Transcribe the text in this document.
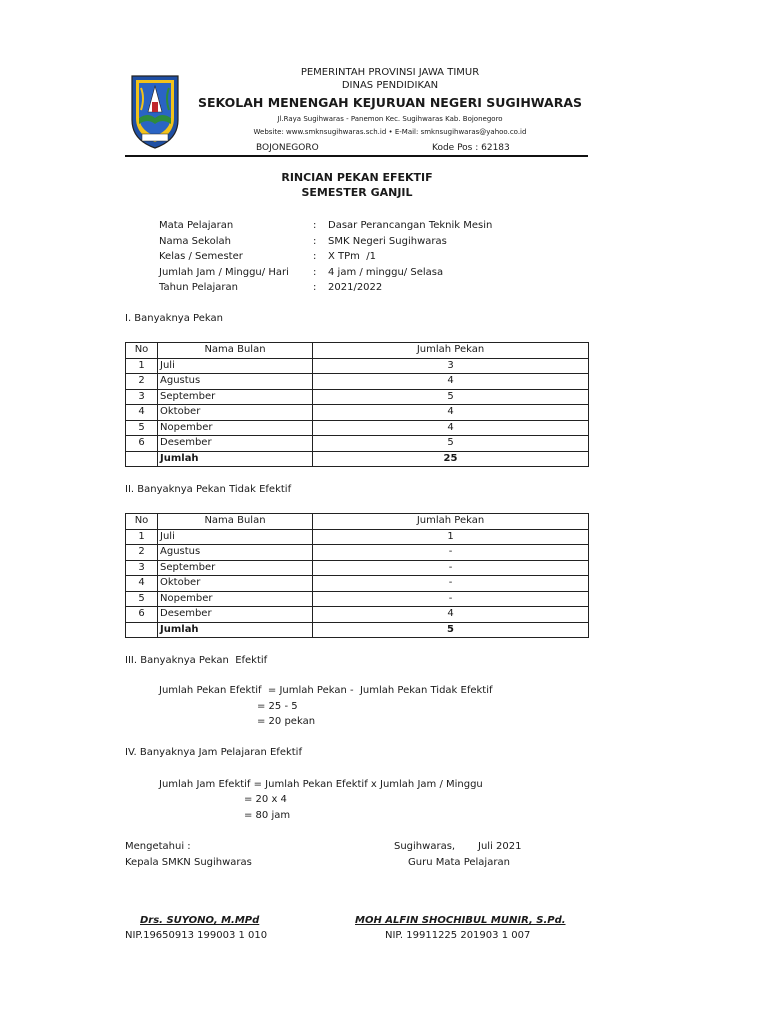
PEMERINTAH PROVINSI JAWA TIMUR
DINAS PENDIDIKAN
SEKOLAH MENENGAH KEJURUAN NEGERI SUGIHWARAS
Jl.Raya Sugihwaras - Panemon Kec. Sugihwaras Kab. Bojonegoro
Website: www.smknsugihwaras.sch.id • E-Mail: smknsugihwaras@yahoo.co.id
BOJONEGORO	Kode Pos : 62183
RINCIAN PEKAN EFEKTIF
SEMESTER GANJIL
Mata Pelajaran	: Dasar Perancangan Teknik Mesin
Nama Sekolah	: SMK Negeri Sugihwaras
Kelas / Semester	: X TPm  /1
Jumlah Jam / Minggu/ Hari : 4 jam / minggu/ Selasa
Tahun Pelajaran	: 2021/2022
I. Banyaknya Pekan
No	Nama Bulan	Jumlah Pekan
1	Juli	3
2	Agustus	4
3	September	5
4	Oktober	4
5	Nopember	4
6	Desember	5
	Jumlah	25
II. Banyaknya Pekan Tidak Efektif
No	Nama Bulan	Jumlah Pekan
1	Juli	1
2	Agustus	-
3	September	-
4	Oktober	-
5	Nopember	-
6	Desember	4
	Jumlah	5
III. Banyaknya Pekan  Efektif
Jumlah Pekan Efektif  = Jumlah Pekan -  Jumlah Pekan Tidak Efektif
= 25 - 5
= 20 pekan
IV. Banyaknya Jam Pelajaran Efektif
Jumlah Jam Efektif = Jumlah Pekan Efektif x Jumlah Jam / Minggu
= 20 x 4
= 80 jam
Mengetahui :
Kepala SMKN Sugihwaras
Sugihwaras, Juli 2021
Guru Mata Pelajaran
Drs. SUYONO, M.MPd
NIP.19650913 199003 1 010
MOH ALFIN SHOCHIBUL MUNIR, S.Pd.
NIP. 19911225 201903 1 007
